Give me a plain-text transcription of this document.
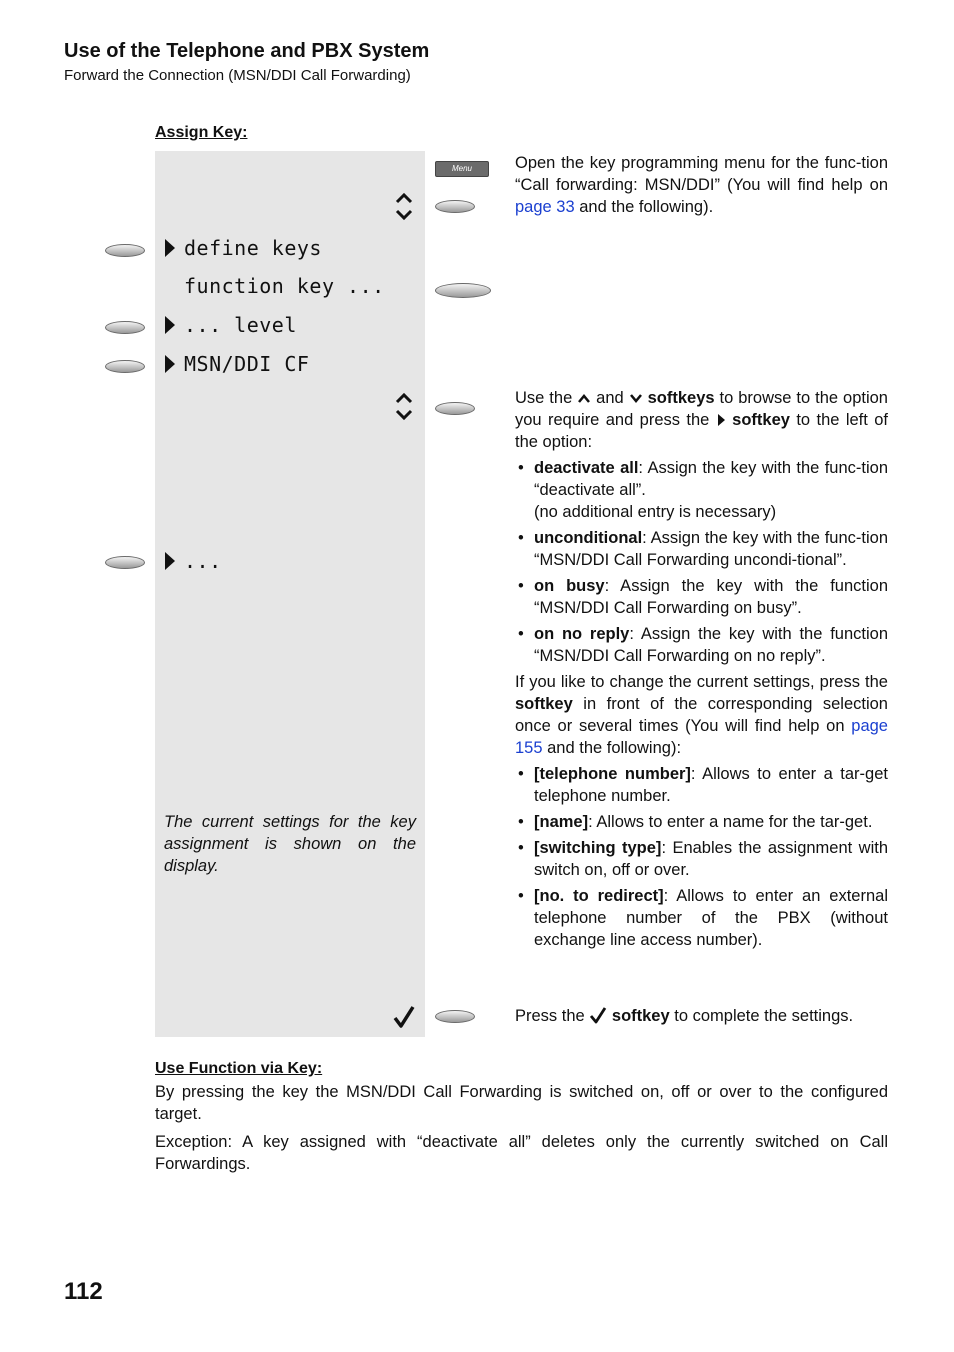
Use of the Telephone and PBX System
Forward the Connection (MSN/DDI Call Forwarding)
Assign Key:
Menu
define keys
function key ...
... level
MSN/DDI CF
...
The current settings for the key assignment is shown on the display.
Open the key programming menu for the func-tion “Call forwarding: MSN/DDI” (You will find help on page 33 and the following).
Use the  and  softkeys to browse to the option you require and press the  softkey to the left of the option:
• deactivate all: Assign the key with the func-tion “deactivate all”.
(no additional entry is necessary)
• unconditional: Assign the key with the func-tion “MSN/DDI Call Forwarding uncondi-tional”.
• on busy: Assign the key with the function “MSN/DDI Call Forwarding on busy”.
• on no reply: Assign the key with the function “MSN/DDI Call Forwarding on no reply”.
If you like to change the current settings, press the softkey in front of the corresponding selection once or several times (You will find help on page 155 and the following):
• [telephone number]: Allows to enter a tar-get telephone number.
• [name]: Allows to enter a name for the tar-get.
• [switching type]: Enables the assignment with switch on, off or over.
• [no. to redirect]: Allows to enter an external telephone number of the PBX (without exchange line access number).
Press the  softkey to complete the settings.
Use Function via Key:
By pressing the key the MSN/DDI Call Forwarding is switched on, off or over to the configured target.
Exception: A key assigned with “deactivate all” deletes only the currently switched on Call Forwardings.
112
